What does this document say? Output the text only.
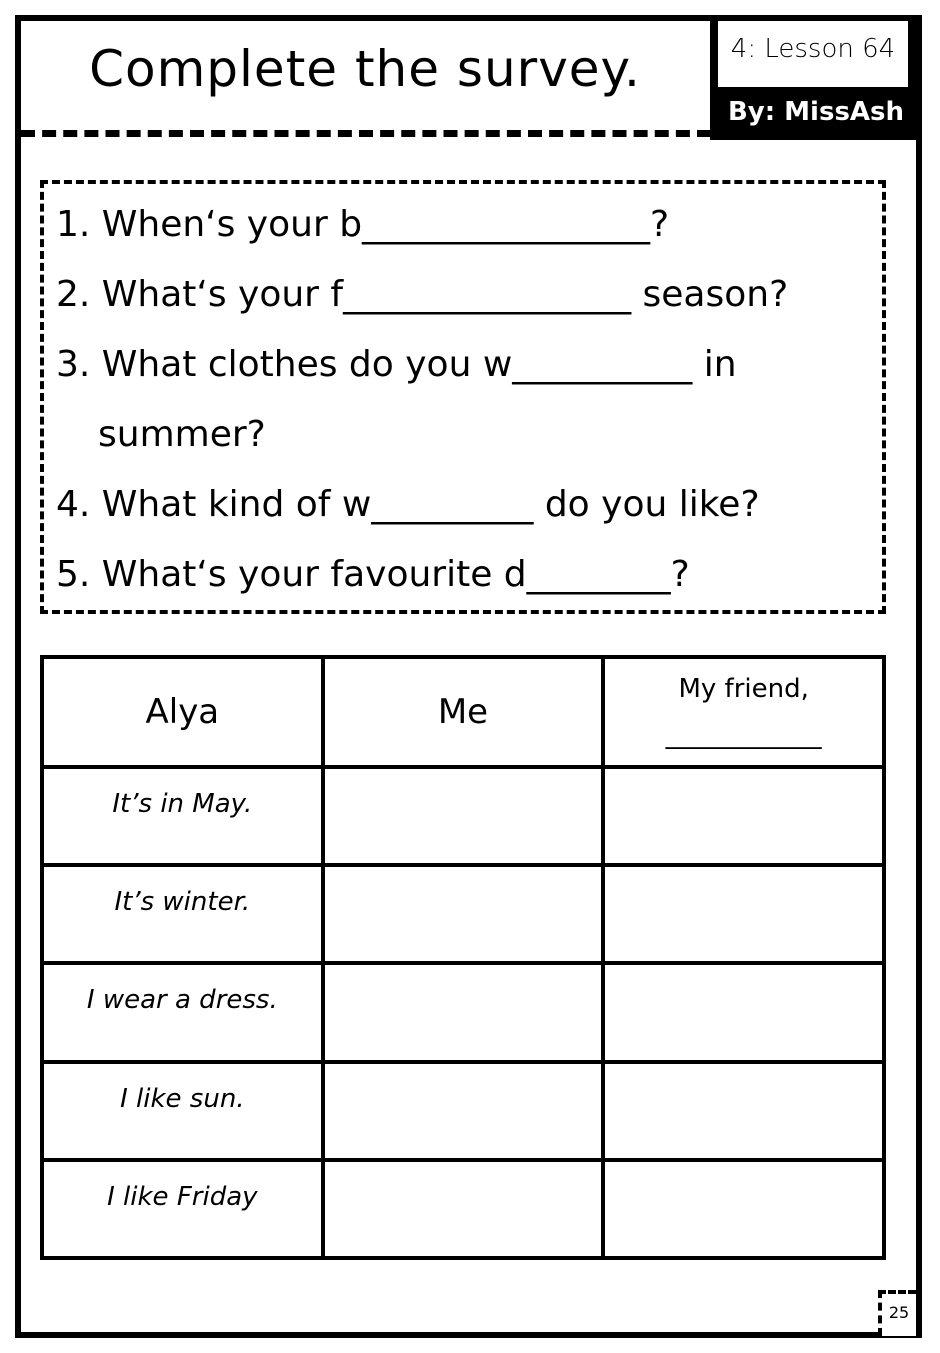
Complete the survey.	4: Lesson 64
By: MissAsh
1. When‘s your b________________?
2. What‘s your f________________ season?
3. What clothes do you w__________ in
summer?
4. What kind of w_________ do you like?
5. What‘s your favourite d________?
Alya	Me	My friend,
____________

It’s in May.		
It’s winter.		
I wear a dress.		
I like sun.		
I like Friday		
25
